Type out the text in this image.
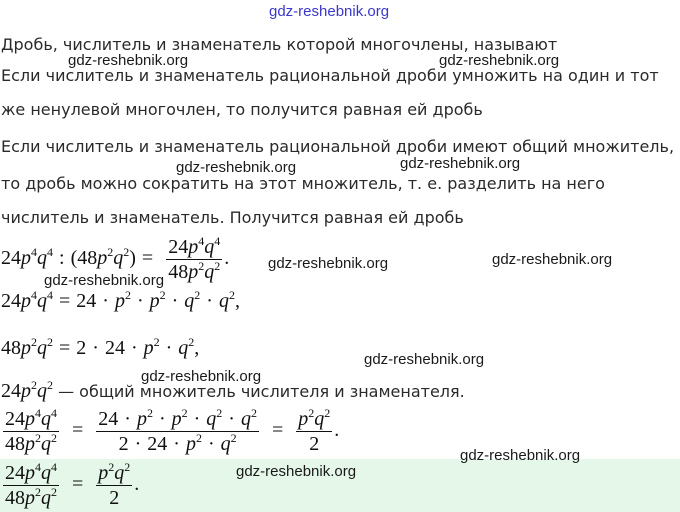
gdz-reshebnik.org
Дробь, числитель и знаменатель которой многочлены, называют
Если числитель и знаменатель рациональной дроби умножить на один и тот
же ненулевой многочлен, то получится равная ей дробь
Если числитель и знаменатель рациональной дроби имеют общий множитель,
то дробь можно сократить на этот множитель, т. е. разделить на него
числитель и знаменатель. Получится равная ей дробь
$24p^4q^4$ : $(48p^2q^2) = \frac{24p^4q^4}{48p^2q^2}$ .
$24p^4q^4 = 24 \cdot p^2 \cdot p^2 \cdot q^2 \cdot q^2$,
$48p^2q^2 = 2 \cdot 24 \cdot p^2 \cdot q^2$,
$24p^2q^2$ — общий множитель числителя и знаменателя.
$\frac{24p^4q^4}{48p^2q^2} = \frac{24 \cdot p^2 \cdot p^2 \cdot q^2 \cdot q^2}{2 \cdot 24 \cdot p^2 \cdot q^2} = \frac{p^2q^2}{2}$ .
$\frac{24p^4q^4}{48p^2q^2} = \frac{p^2q^2}{2}$ .
gdz-reshebnik.org	gdz-reshebnik.org
gdz-reshebnik.org	gdz-reshebnik.org
gdz-reshebnik.org	gdz-reshebnik.org
gdz-reshebnik.org
gdz-reshebnik.org
gdz-reshebnik.org
gdz-reshebnik.org
gdz-reshebnik.org
